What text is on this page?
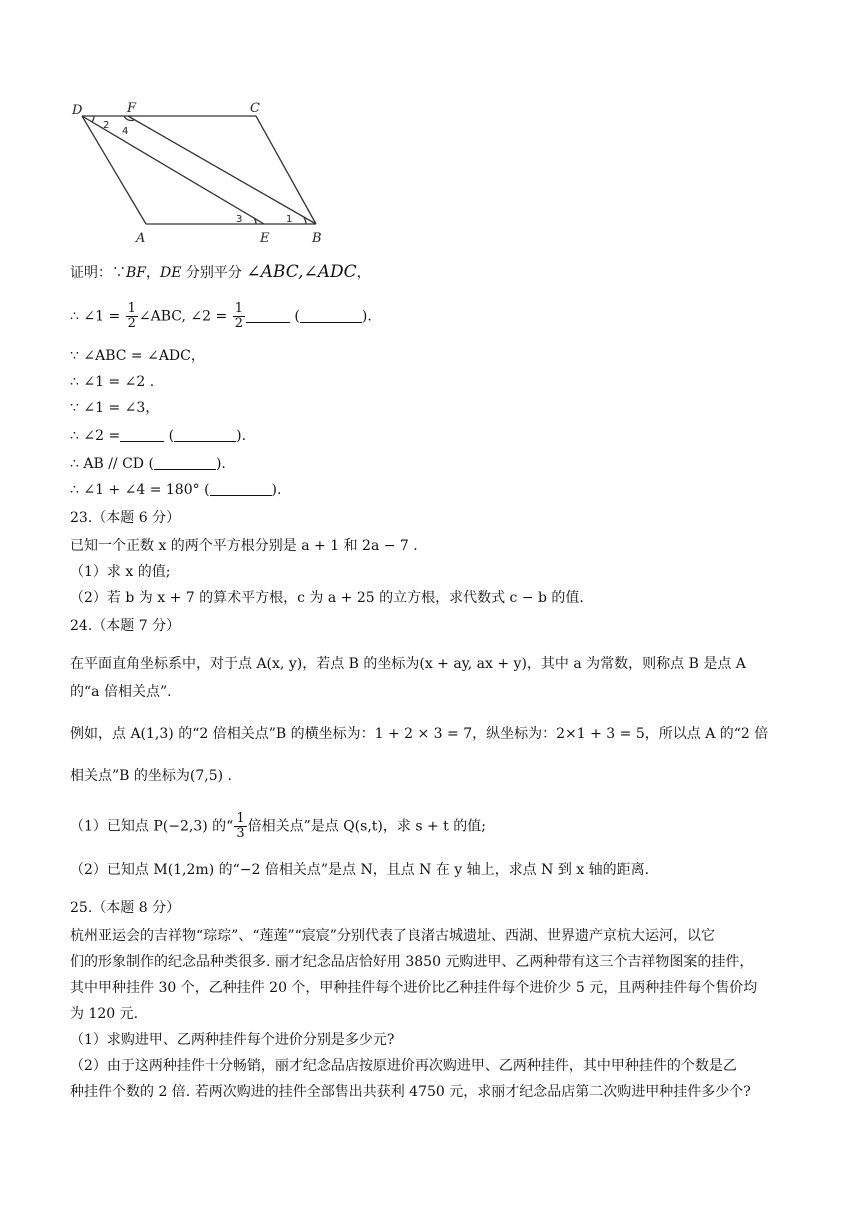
D	F	C
A	E	B
2
4
3	1
证明：∵BF，DE 分别平分 ∠ABC,∠ADC，
∴ ∠1 = $\frac{1}{2}$ ∠ABC, ∠2 = $\frac{1}{2}$	(	).
∵ ∠ABC = ∠ADC，
∴ ∠1 = ∠2 .
∵ ∠1 = ∠3，
∴ ∠2 =	(	).
∴ AB // CD (	).
∴ ∠1 + ∠4 = 180° (	).
23.（本题 6 分）
已知一个正数 x 的两个平方根分别是 a + 1 和 2a − 7 .
（1）求 x 的值;
（2）若 b 为 x + 7 的算术平方根，c 为 a + 25 的立方根，求代数式 c − b 的值.
24.（本题 7 分）
在平面直角坐标系中，对于点 A(x, y)，若点 B 的坐标为(x + ay, ax + y)，其中 a 为常数，则称点 B 是点 A
的“a 倍相关点”.
例如，点 A(1,3) 的“2 倍相关点”B 的横坐标为：1 + 2 × 3 = 7，纵坐标为：2×1 + 3 = 5，所以点 A 的“2 倍
相关点”B 的坐标为(7,5) .
（1）已知点 P(−2,3) 的“ $\frac{1}{3}$ 倍相关点”是点 Q(s,t)，求 s + t 的值;
（2）已知点 M(1,2m) 的“−2 倍相关点”是点 N，且点 N 在 y 轴上，求点 N 到 x 轴的距离.
25.（本题 8 分）
杭州亚运会的吉祥物“琮琮”、“莲莲”“宸宸”分别代表了良渚古城遗址、西湖、世界遗产京杭大运河，以它
们的形象制作的纪念品种类很多. 丽才纪念品店恰好用 3850 元购进甲、乙两种带有这三个吉祥物图案的挂件，
其中甲种挂件 30 个，乙种挂件 20 个，甲种挂件每个进价比乙种挂件每个进价少 5 元，且两种挂件每个售价均
为 120 元.
（1）求购进甲、乙两种挂件每个进价分别是多少元?
（2）由于这两种挂件十分畅销，丽才纪念品店按原进价再次购进甲、乙两种挂件，其中甲种挂件的个数是乙
种挂件个数的 2 倍. 若两次购进的挂件全部售出共获利 4750 元，求丽才纪念品店第二次购进甲种挂件多少个?
